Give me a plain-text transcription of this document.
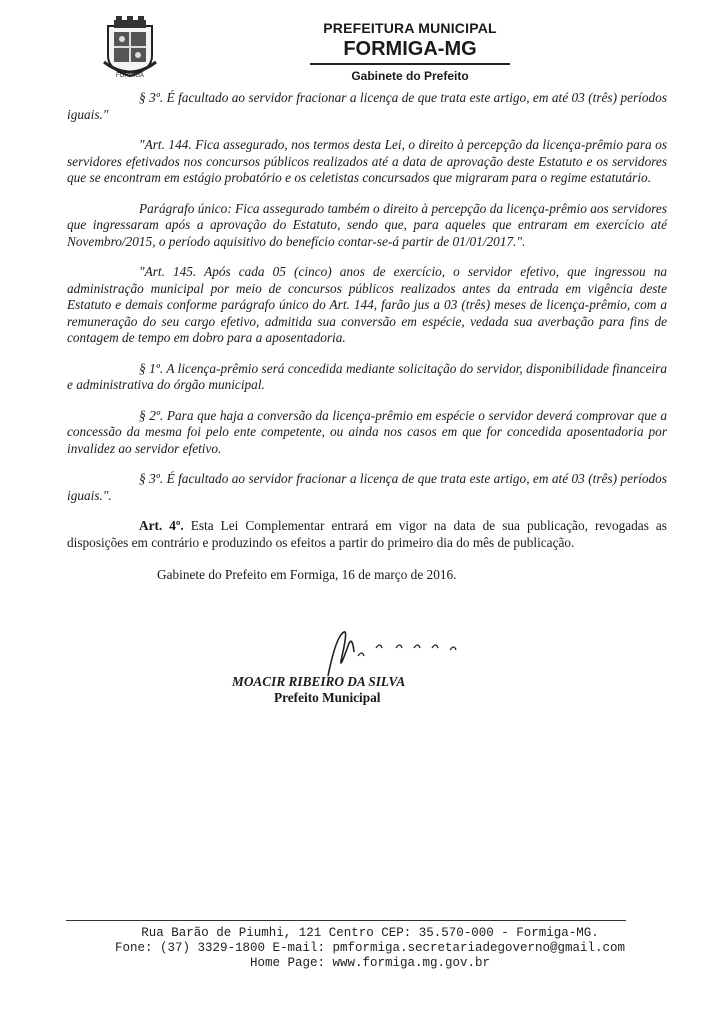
FORMIGA
PREFEITURA MUNICIPAL
FORMIGA-MG
Gabinete do Prefeito

§ 3º. É facultado ao servidor fracionar a licença de que trata este artigo, em até 03 (três) períodos iguais."

"Art. 144. Fica assegurado, nos termos desta Lei, o direito à percepção da licença-prêmio para os servidores efetivados nos concursos públicos realizados até a data de aprovação deste Estatuto e os servidores que se encontram em estágio probatório e os celetistas concursados que migraram para o regime estatutário.

Parágrafo único: Fica assegurado também o direito à percepção da licença-prêmio aos servidores que ingressaram após a aprovação do Estatuto, sendo que, para aqueles que entraram em exercício até Novembro/2015, o período aquisitivo do benefício contar-se-á partir de 01/01/2017.".

"Art. 145. Após cada 05 (cinco) anos de exercício, o servidor efetivo, que ingressou na administração municipal por meio de concursos públicos realizados antes da entrada em vigência deste Estatuto e demais conforme parágrafo único do Art. 144, farão jus a 03 (três) meses de licença-prêmio, com a remuneração do seu cargo efetivo, admitida sua conversão em espécie, vedada sua averbação para fins de contagem de tempo em dobro para a aposentadoria.

§ 1º. A licença-prêmio será concedida mediante solicitação do servidor, disponibilidade financeira e administrativa do órgão municipal.

§ 2º. Para que haja a conversão da licença-prêmio em espécie o servidor deverá comprovar que a concessão da mesma foi pelo ente competente, ou ainda nos casos em que for concedida aposentadoria por invalidez ao servidor efetivo.

§ 3º. É facultado ao servidor fracionar a licença de que trata este artigo, em até 03 (três) períodos iguais.".

Art. 4º. Esta Lei Complementar entrará em vigor na data de sua publicação, revogadas as disposições em contrário e produzindo os efeitos a partir do primeiro dia do mês de publicação.

Gabinete do Prefeito em Formiga, 16 de março de 2016.

MOACIR RIBEIRO DA SILVA
Prefeito Municipal
Rua Barão de Piumhi, 121 Centro CEP: 35.570-000 - Formiga-MG.
Fone: (37) 3329-1800 E-mail: pmformiga.secretariadegoverno@gmail.com
Home Page: www.formiga.mg.gov.br
